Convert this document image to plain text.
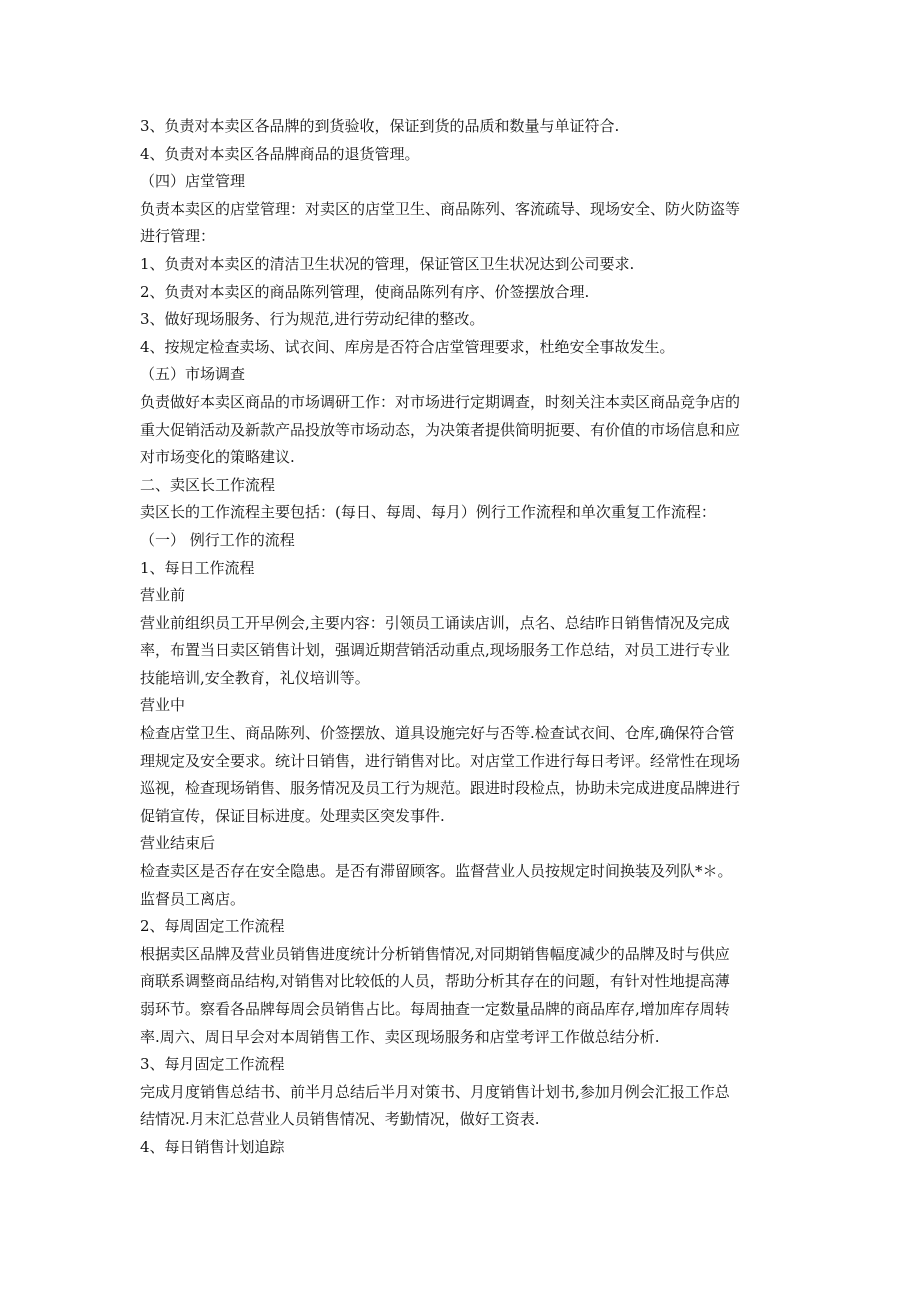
3、负责对本卖区各品牌的到货验收，保证到货的品质和数量与单证符合.
4、负责对本卖区各品牌商品的退货管理。
（四）店堂管理
负责本卖区的店堂管理：对卖区的店堂卫生、商品陈列、客流疏导、现场安全、防火防盗等
进行管理：
1、负责对本卖区的清洁卫生状况的管理，保证管区卫生状况达到公司要求.
2、负责对本卖区的商品陈列管理，使商品陈列有序、价签摆放合理.
3、做好现场服务、行为规范,进行劳动纪律的整改。
4、按规定检查卖场、试衣间、库房是否符合店堂管理要求，杜绝安全事故发生。
（五）市场调查
负责做好本卖区商品的市场调研工作：对市场进行定期调查，时刻关注本卖区商品竞争店的
重大促销活动及新款产品投放等市场动态，为决策者提供简明扼要、有价值的市场信息和应
对市场变化的策略建议.
二、卖区长工作流程
卖区长的工作流程主要包括：(每日、每周、每月）例行工作流程和单次重复工作流程：
（一） 例行工作的流程
1、每日工作流程
营业前
营业前组织员工开早例会,主要内容：引领员工诵读店训，点名、总结昨日销售情况及完成
率，布置当日卖区销售计划，强调近期营销活动重点,现场服务工作总结，对员工进行专业
技能培训,安全教育，礼仪培训等。
营业中
检查店堂卫生、商品陈列、价签摆放、道具设施完好与否等.检查试衣间、仓库,确保符合管
理规定及安全要求。统计日销售，进行销售对比。对店堂工作进行每日考评。经常性在现场
巡视，检查现场销售、服务情况及员工行为规范。跟进时段检点，协助未完成进度品牌进行
促销宣传，保证目标进度。处理卖区突发事件.
营业结束后
检查卖区是否存在安全隐患。是否有滞留顾客。监督营业人员按规定时间换装及列队*＊。
监督员工离店。
2、每周固定工作流程
根据卖区品牌及营业员销售进度统计分析销售情况,对同期销售幅度减少的品牌及时与供应
商联系调整商品结构,对销售对比较低的人员，帮助分析其存在的问题，有针对性地提高薄
弱环节。察看各品牌每周会员销售占比。每周抽查一定数量品牌的商品库存,增加库存周转
率.周六、周日早会对本周销售工作、卖区现场服务和店堂考评工作做总结分析.
3、每月固定工作流程
完成月度销售总结书、前半月总结后半月对策书、月度销售计划书,参加月例会汇报工作总
结情况.月末汇总营业人员销售情况、考勤情况，做好工资表.
4、每日销售计划追踪
